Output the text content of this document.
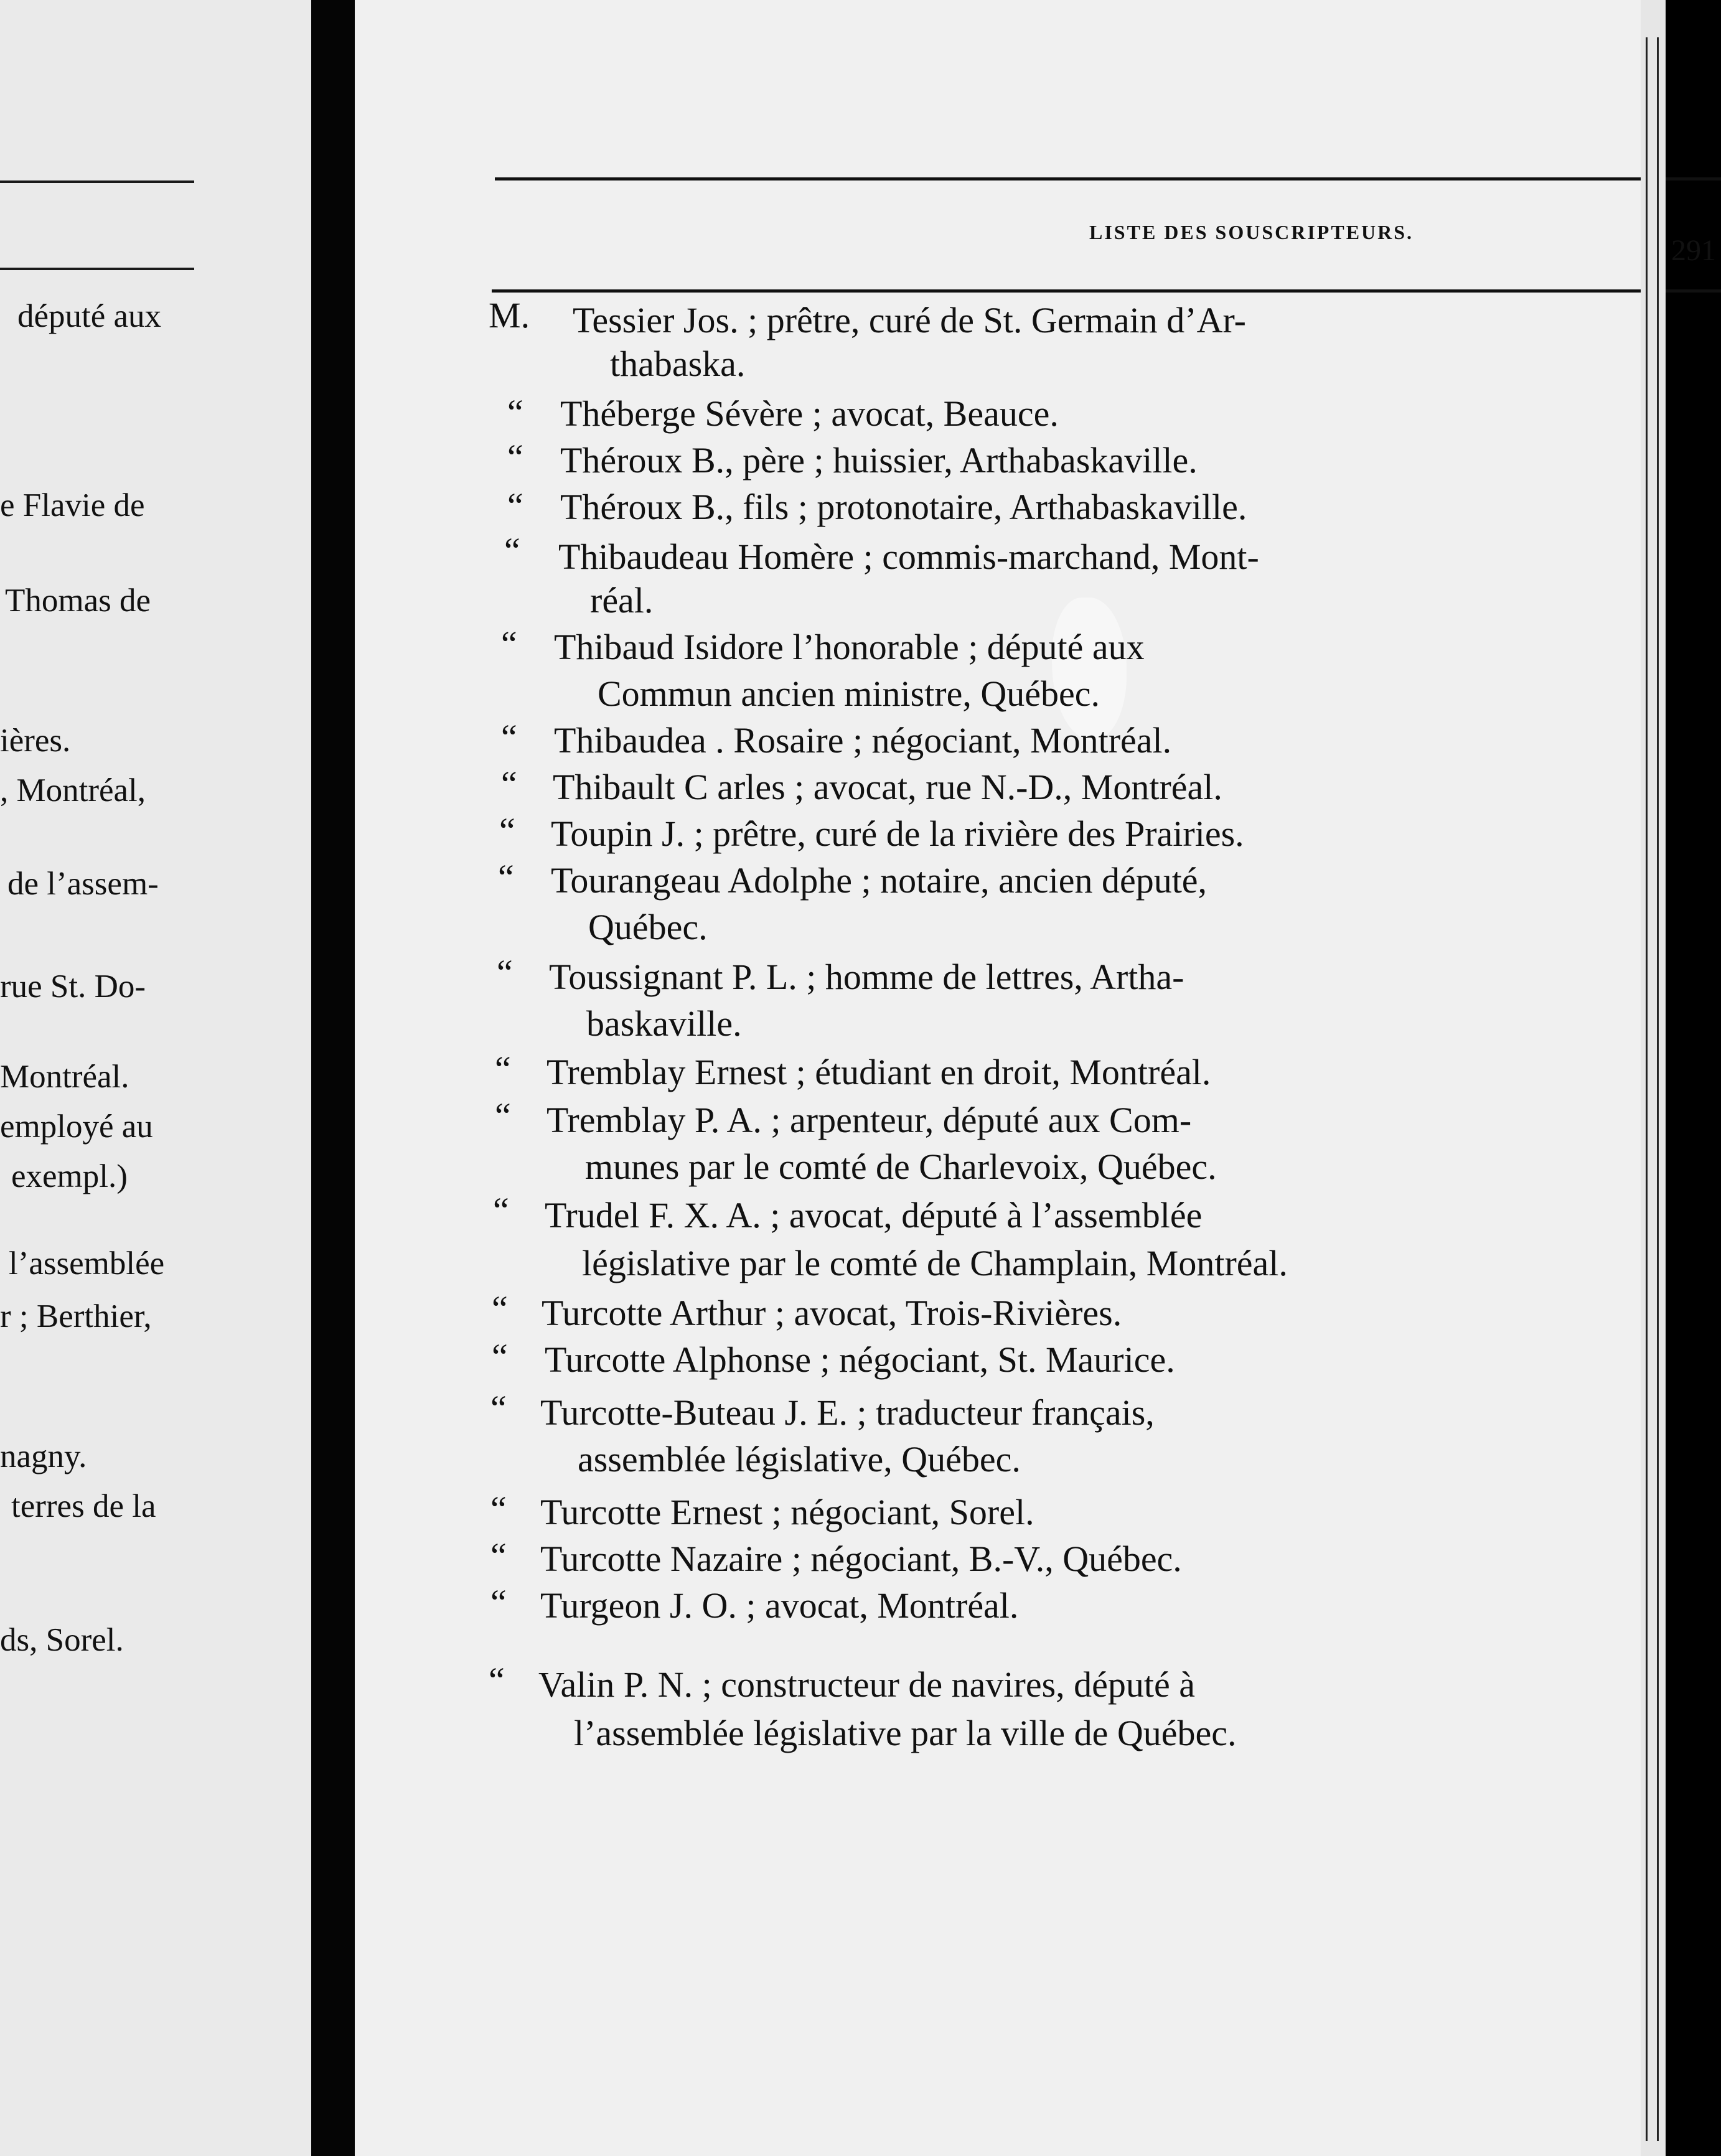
député aux
e Flavie de
Thomas de
ières.
, Montréal,
de l’assem-
rue St. Do-
Montréal.
employé au
exempl.)
l’assemblée
r ; Berthier,
nagny.
terres de la
ds, Sorel.
LISTE DES SOUSCRIPTEURS.
291
M. Tessier Jos. ; prêtre, curé de St. Germain d’Ar-
thabaska.
“ Théberge Sévère ; avocat, Beauce.
“ Théroux B., père ; huissier, Arthabaskaville.
“ Théroux B., fils ; protonotaire, Arthabaskaville.
“ Thibaudeau Homère ; commis-marchand, Mont-
réal.
“ Thibaud Isidore l’honorable ; député aux
Commun ancien ministre, Québec.
“ Thibaudea . Rosaire ; négociant, Montréal.
“ Thibault C arles ; avocat, rue N.-D., Montréal.
“ Toupin J. ; prêtre, curé de la rivière des Prairies.
“ Tourangeau Adolphe ; notaire, ancien député,
Québec.
“ Toussignant P. L. ; homme de lettres, Artha-
baskaville.
“ Tremblay Ernest ; étudiant en droit, Montréal.
“ Tremblay P. A. ; arpenteur, député aux Com-
munes par le comté de Charlevoix, Québec.
“ Trudel F. X. A. ; avocat, député à l’assemblée
législative par le comté de Champlain, Montréal.
“ Turcotte Arthur ; avocat, Trois-Rivières.
“ Turcotte Alphonse ; négociant, St. Maurice.
“ Turcotte-Buteau J. E. ; traducteur français,
assemblée législative, Québec.
“ Turcotte Ernest ; négociant, Sorel.
“ Turcotte Nazaire ; négociant, B.-V., Québec.
“ Turgeon J. O. ; avocat, Montréal.
“ Valin P. N. ; constructeur de navires, député à
l’assemblée législative par la ville de Québec.
